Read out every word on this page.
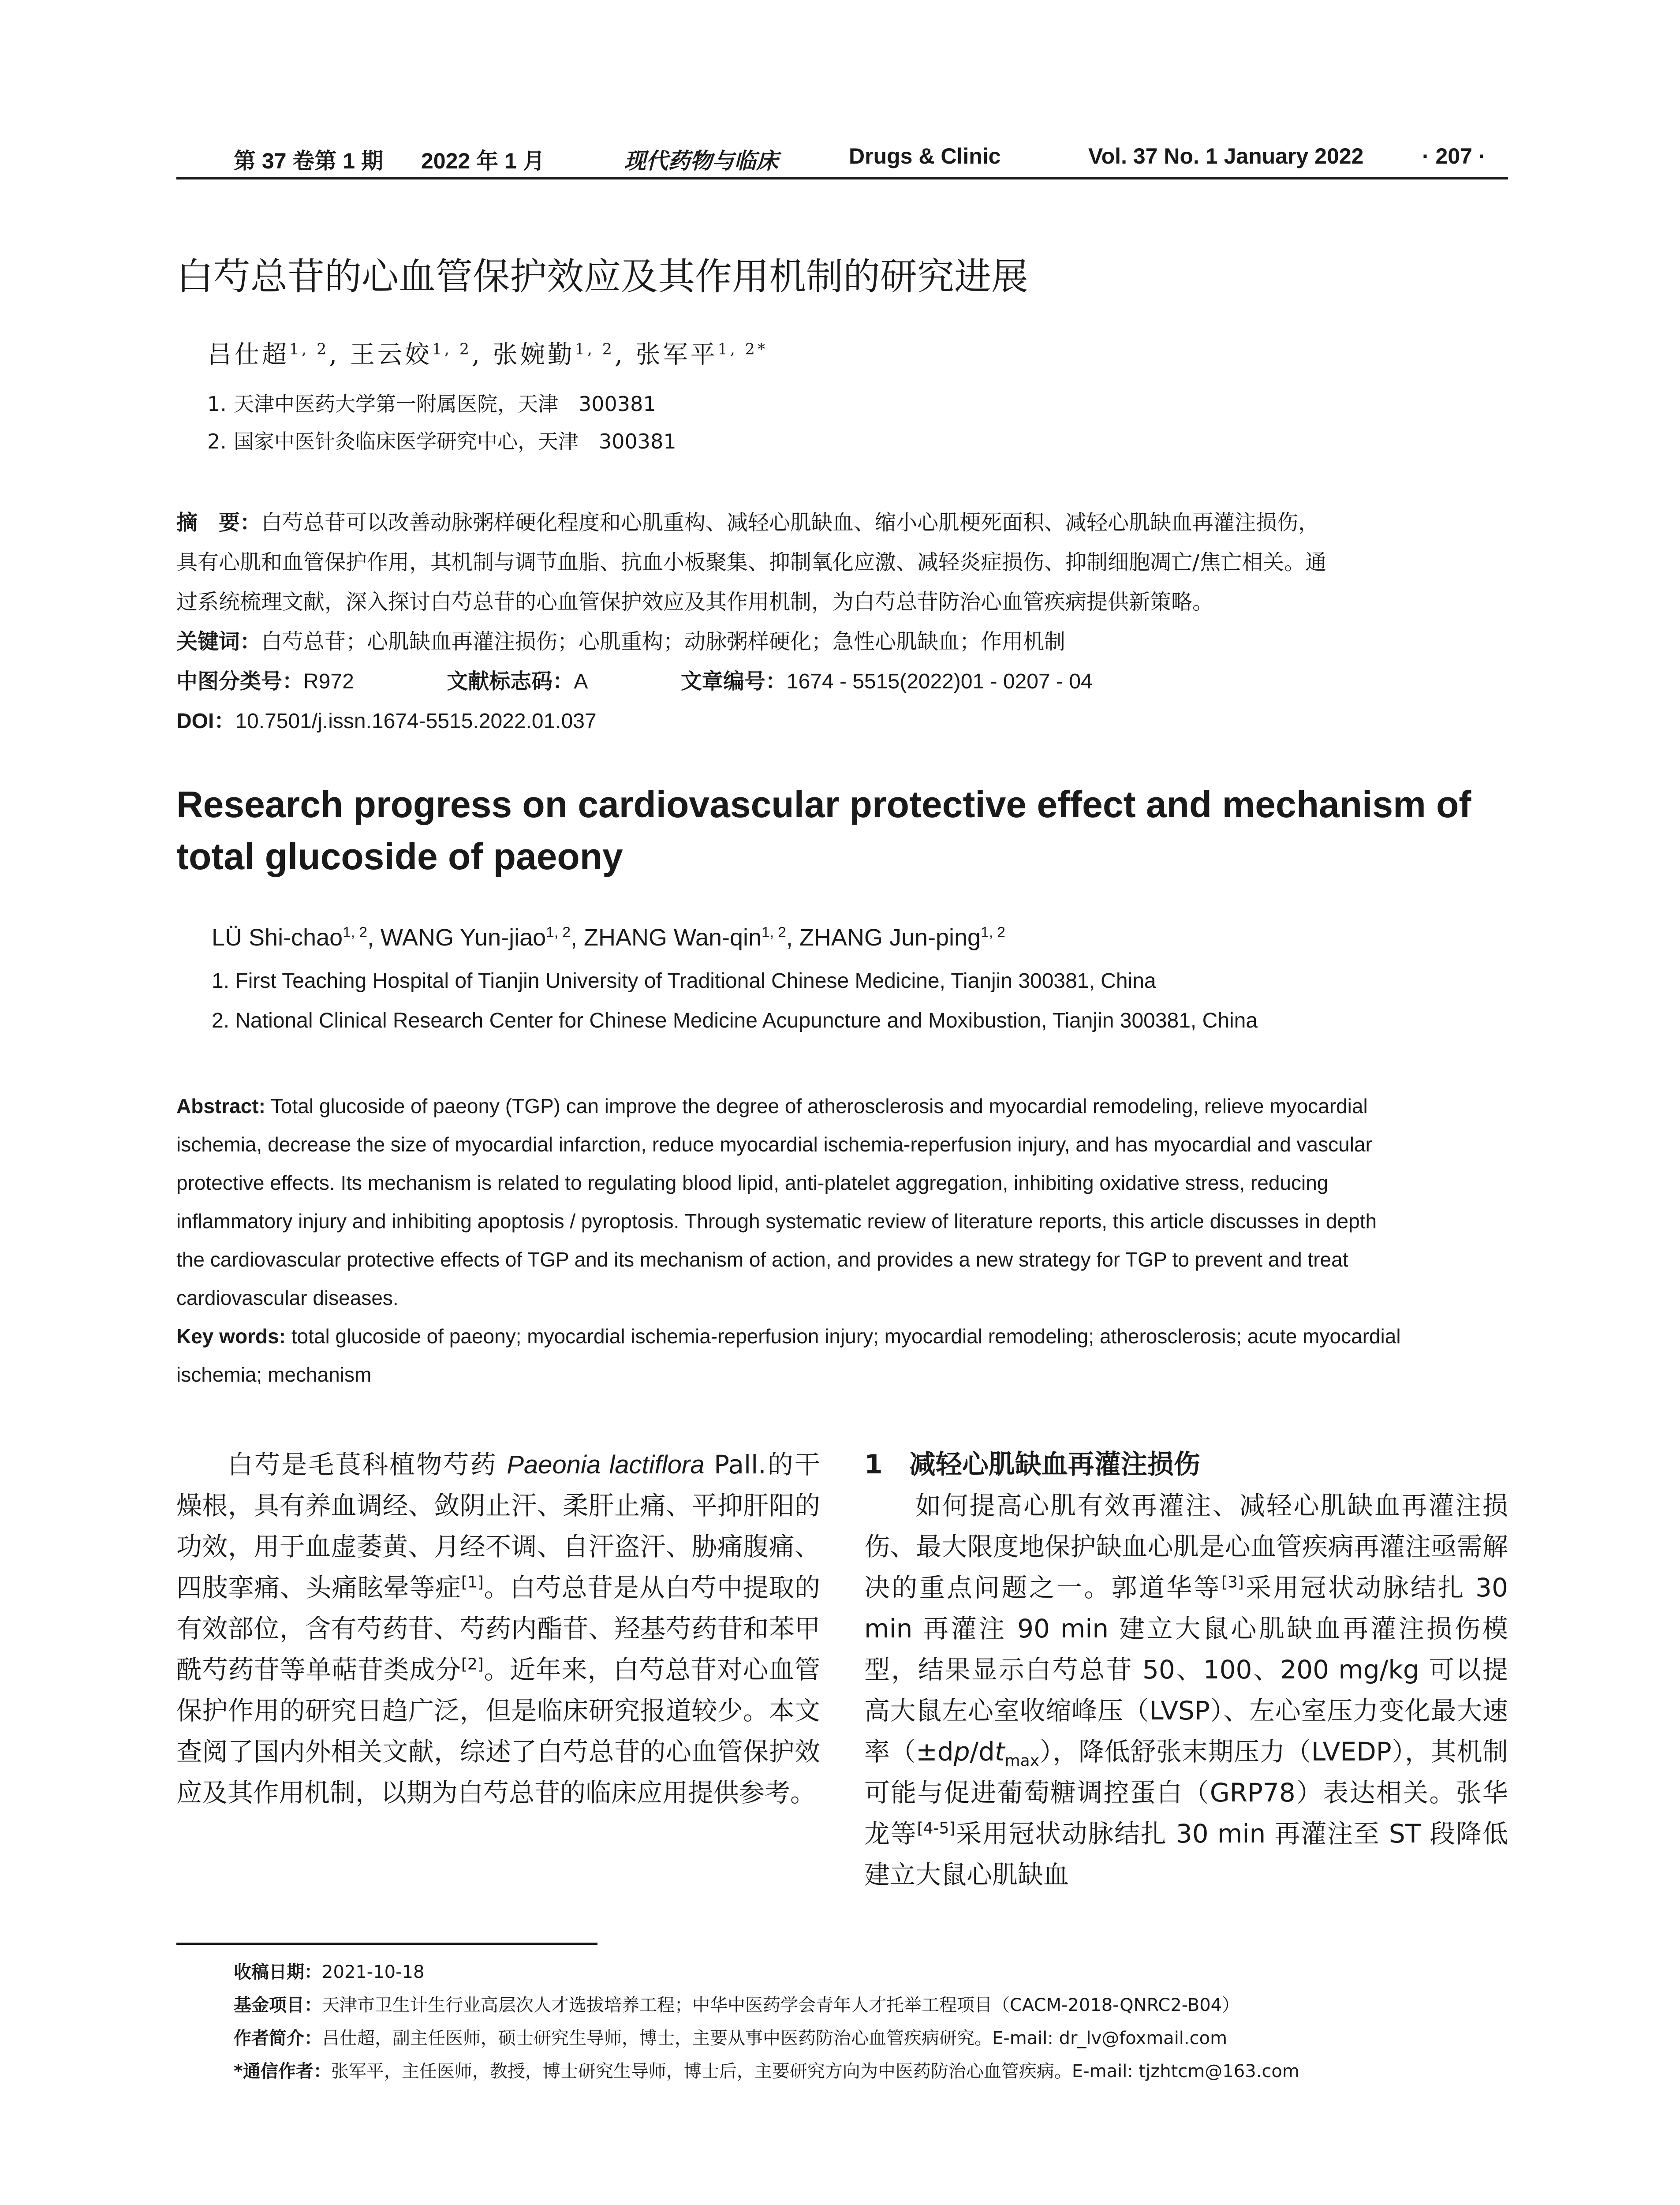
第 37 卷第 1 期 2022 年 1 月	现代药物与临床	Drugs & Clinic	Vol. 37 No. 1 January 2022	· 207 ·
白芍总苷的心血管保护效应及其作用机制的研究进展
吕仕超$^{1, 2}$, 王云姣$^{1, 2}$, 张婉勤$^{1, 2}$, 张军平$^{1, 2*}$
1. 天津中医药大学第一附属医院，天津　300381
2. 国家中医针灸临床医学研究中心，天津　300381
摘　要：白芍总苷可以改善动脉粥样硬化程度和心肌重构、减轻心肌缺血、缩小心肌梗死面积、减轻心肌缺血再灌注损伤，
具有心肌和血管保护作用，其机制与调节血脂、抗血小板聚集、抑制氧化应激、减轻炎症损伤、抑制细胞凋亡/焦亡相关。通
过系统梳理文献，深入探讨白芍总苷的心血管保护效应及其作用机制，为白芍总苷防治心血管疾病提供新策略。
关键词：白芍总苷；心肌缺血再灌注损伤；心肌重构；动脉粥样硬化；急性心肌缺血；作用机制
中图分类号：R972	文献标志码：A	文章编号：1674 - 5515(2022)01 - 0207 - 04
DOI：10.7501/j.issn.1674-5515.2022.01.037
Research progress on cardiovascular protective effect and mechanism of total glucoside of paeony
LÜ Shi-chao$^{1, 2}$, WANG Yun-jiao$^{1, 2}$, ZHANG Wan-qin$^{1, 2}$, ZHANG Jun-ping$^{1, 2}$
1. First Teaching Hospital of Tianjin University of Traditional Chinese Medicine, Tianjin 300381, China
2. National Clinical Research Center for Chinese Medicine Acupuncture and Moxibustion, Tianjin 300381, China
Abstract: Total glucoside of paeony (TGP) can improve the degree of atherosclerosis and myocardial remodeling, relieve myocardial
ischemia, decrease the size of myocardial infarction, reduce myocardial ischemia-reperfusion injury, and has myocardial and vascular
protective effects. Its mechanism is related to regulating blood lipid, anti-platelet aggregation, inhibiting oxidative stress, reducing
inflammatory injury and inhibiting apoptosis / pyroptosis. Through systematic review of literature reports, this article discusses in depth
the cardiovascular protective effects of TGP and its mechanism of action, and provides a new strategy for TGP to prevent and treat
cardiovascular diseases.
Key words: total glucoside of paeony; myocardial ischemia-reperfusion injury; myocardial remodeling; atherosclerosis; acute myocardial
ischemia; mechanism

白芍是毛茛科植物芍药 Paeonia lactiflora Pall.的干燥根，具有养血调经、敛阴止汗、柔肝止痛、平抑肝阳的功效，用于血虚萎黄、月经不调、自汗盗汗、胁痛腹痛、四肢挛痛、头痛眩晕等症[1]。白芍总苷是从白芍中提取的有效部位，含有芍药苷、芍药内酯苷、羟基芍药苷和苯甲酰芍药苷等单萜苷类成分[2]。近年来，白芍总苷对心血管保护作用的研究日趋广泛，但是临床研究报道较少。本文查阅了国内外相关文献，综述了白芍总苷的心血管保护效应及其作用机制，以期为白芍总苷的临床应用提供参考。

1　减轻心肌缺血再灌注损伤

如何提高心肌有效再灌注、减轻心肌缺血再灌注损伤、最大限度地保护缺血心肌是心血管疾病再灌注亟需解决的重点问题之一。郭道华等[3]采用冠状动脉结扎 30 min 再灌注 90 min 建立大鼠心肌缺血再灌注损伤模型，结果显示白芍总苷 50、100、200 mg/kg 可以提高大鼠左心室收缩峰压（LVSP）、左心室压力变化最大速率$(\pm dp/dt_{max})$，降低舒张末期压力（LVEDP），其机制可能与促进葡萄糖调控蛋白（GRP78）表达相关。张华龙等[4-5]采用冠状动脉结扎 30 min 再灌注至 ST 段降低建立大鼠心肌缺血

收稿日期：2021-10-18
基金项目：天津市卫生计生行业高层次人才选拔培养工程；中华中医药学会青年人才托举工程项目（CACM-2018-QNRC2-B04）
作者简介：吕仕超，副主任医师，硕士研究生导师，博士，主要从事中医药防治心血管疾病研究。E-mail: dr_lv@foxmail.com
*通信作者：张军平，主任医师，教授，博士研究生导师，博士后，主要研究方向为中医药防治心血管疾病。E-mail: tjzhtcm@163.com
